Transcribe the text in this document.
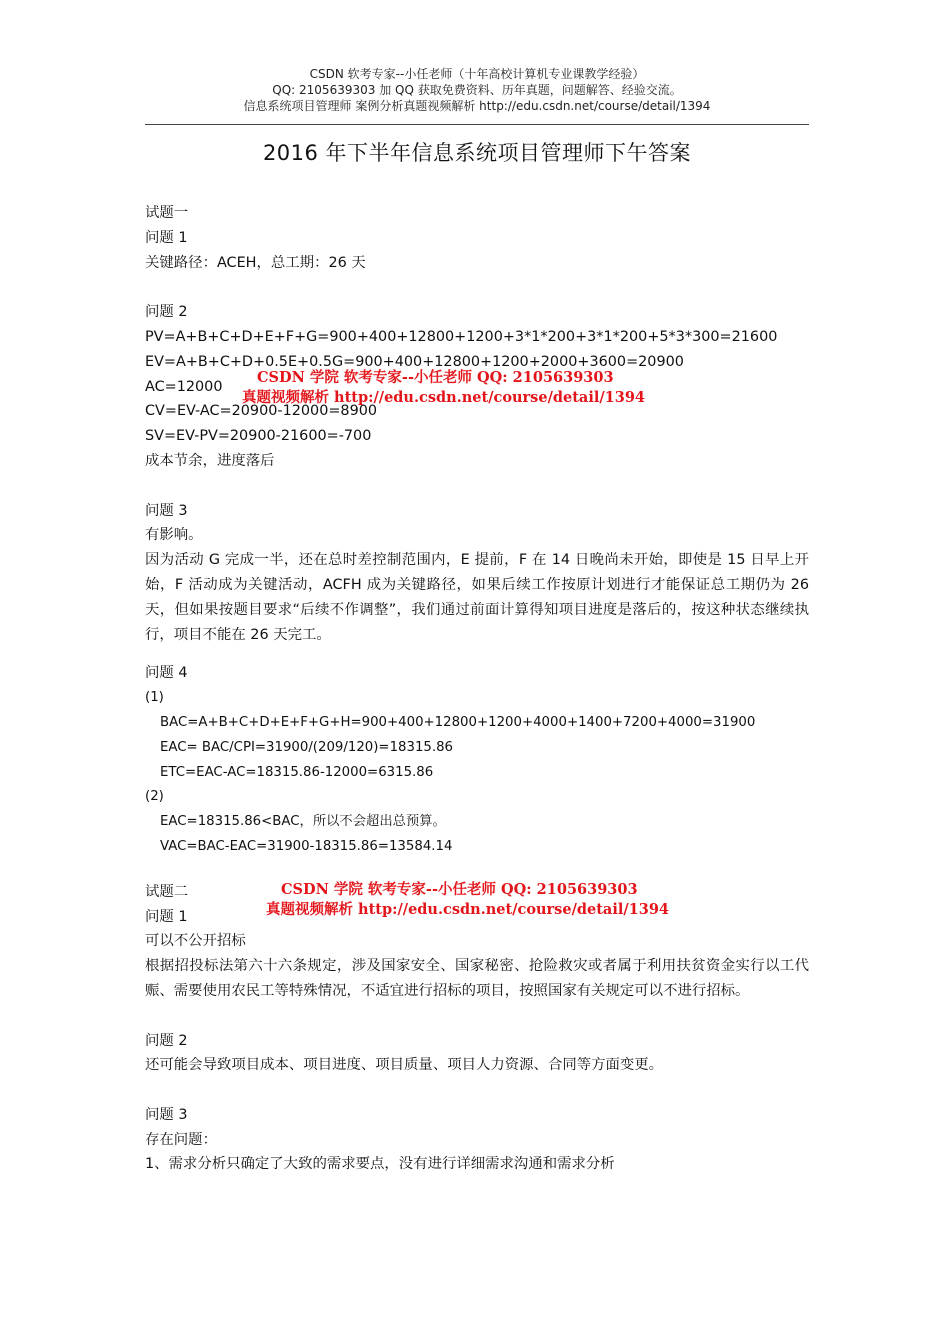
CSDN 软考专家--小任老师（十年高校计算机专业课教学经验）
QQ: 2105639303 加 QQ 获取免费资料、历年真题，问题解答、经验交流。
信息系统项目管理师 案例分析真题视频解析 http://edu.csdn.net/course/detail/1394
2016 年下半年信息系统项目管理师下午答案

试题一

问题 1

关键路径：ACEH，总工期：26 天

问题 2

PV=A+B+C+D+E+F+G=900+400+12800+1200+3*1*200+3*1*200+5*3*300=21600

EV=A+B+C+D+0.5E+0.5G=900+400+12800+1200+2000+3600=20900

AC=12000

CV=EV-AC=20900-12000=8900

SV=EV-PV=20900-21600=-700

成本节余，进度落后

问题 3

有影响。

因为活动 G 完成一半，还在总时差控制范围内，E 提前，F 在 14 日晚尚未开始，即使是 15 日早上开始，F 活动成为关键活动，ACFH 成为关键路径，如果后续工作按原计划进行才能保证总工期仍为 26 天，但如果按题目要求“后续不作调整”，我们通过前面计算得知项目进度是落后的，按这种状态继续执行，项目不能在 26 天完工。

问题 4

(1)

BAC=A+B+C+D+E+F+G+H=900+400+12800+1200+4000+1400+7200+4000=31900

EAC= BAC/CPI=31900/(209/120)=18315.86

ETC=EAC-AC=18315.86-12000=6315.86

(2)

EAC=18315.86<BAC，所以不会超出总预算。

VAC=BAC-EAC=31900-18315.86=13584.14

试题二

问题 1

可以不公开招标

根据招投标法第六十六条规定，涉及国家安全、国家秘密、抢险救灾或者属于利用扶贫资金实行以工代赈、需要使用农民工等特殊情况，不适宜进行招标的项目，按照国家有关规定可以不进行招标。

问题 2

还可能会导致项目成本、项目进度、项目质量、项目人力资源、合同等方面变更。

问题 3

存在问题：

1、需求分析只确定了大致的需求要点，没有进行详细需求沟通和需求分析

CSDN 学院 软考专家--小任老师 QQ: 2105639303
真题视频解析 http://edu.csdn.net/course/detail/1394
CSDN 学院 软考专家--小任老师 QQ: 2105639303
真题视频解析 http://edu.csdn.net/course/detail/1394
